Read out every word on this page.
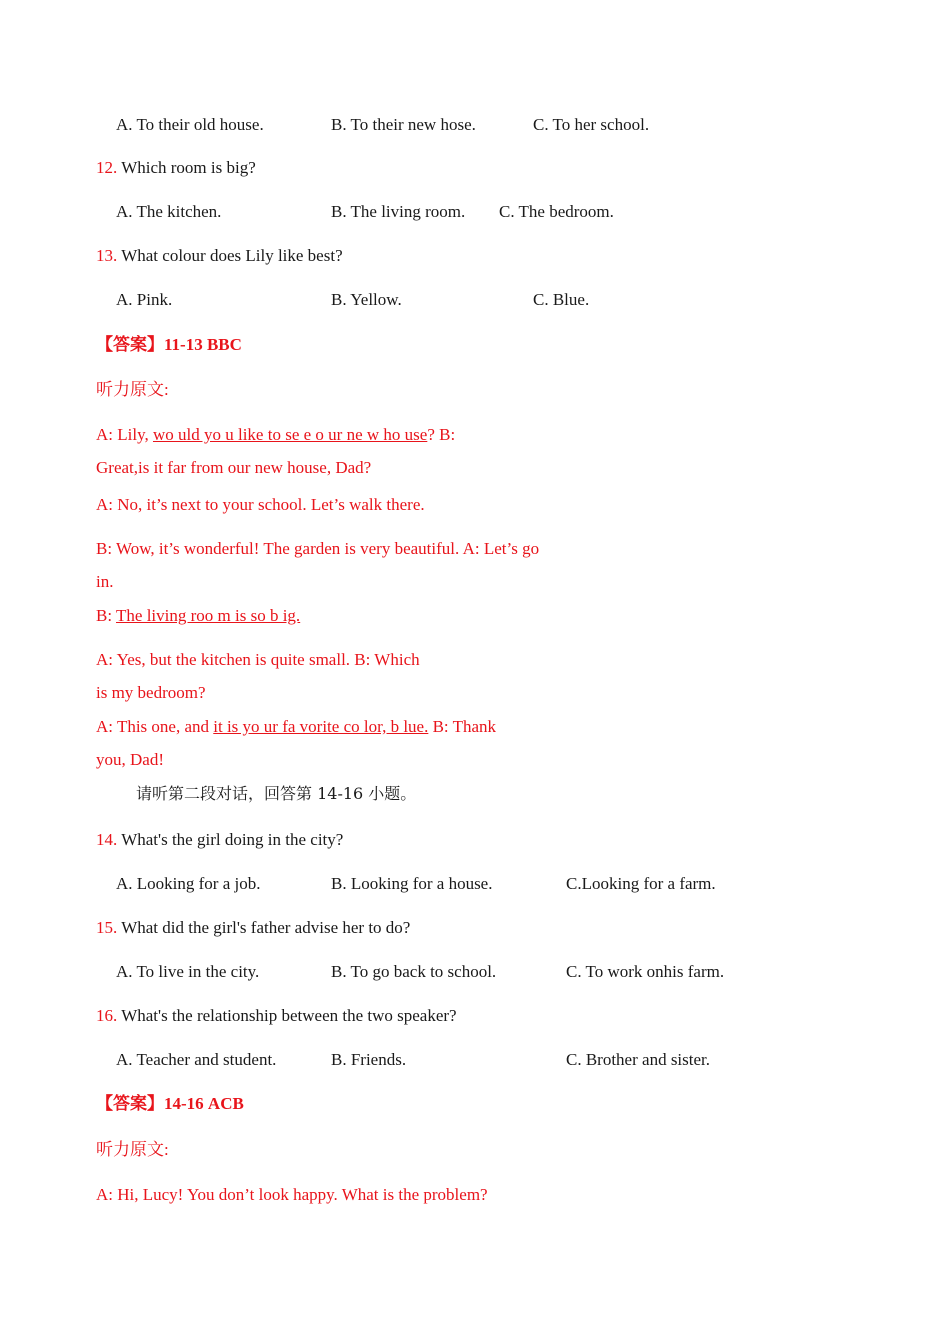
A. To their old house.	B. To their new hose.	C. To her school.
12. Which room is big?
A. The kitchen.	B. The living room. C. The bedroom.
13. What colour does Lily like best?
A. Pink.	B. Yellow.	C. Blue.
【答案】11-13 BBC
听力原文:
A: Lily, wo uld yo u like to se e o ur ne w ho use? B:
Great,is it far from our new house, Dad?
A: No, it’s next to your school. Let’s walk there.
B: Wow, it’s wonderful! The garden is very beautiful. A: Let’s go
in.
B: The living roo m is so b ig.
A: Yes, but the kitchen is quite small. B: Which
is my bedroom?
A: This one, and it is yo ur fa vorite co lor, b lue. B: Thank
you, Dad!
请听第二段对话，回答第 14-16 小题。
14. What's the girl doing in the city?
A. Looking for a job.	B. Looking for a house.	C.Looking for a farm.
15. What did the girl's father advise her to do?
A. To live in the city.	B. To go back to school.	C. To work onhis farm.
16. What's the relationship between the two speaker?
A. Teacher and student.	B. Friends.	C. Brother and sister.
【答案】14-16 ACB
听力原文:
A: Hi, Lucy! You don’t look happy. What is the problem?
